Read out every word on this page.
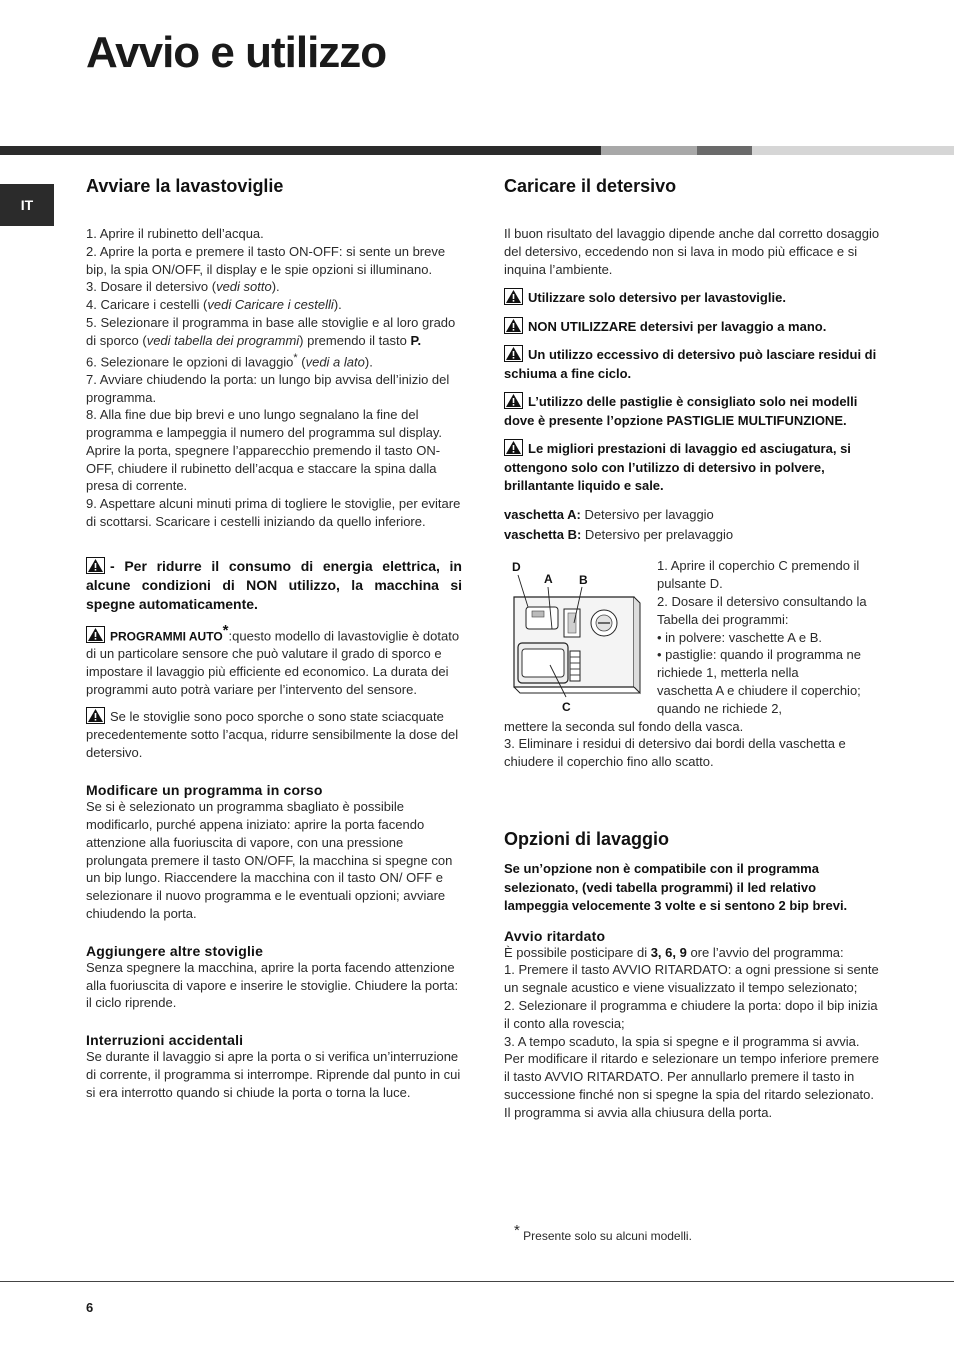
Avvio e utilizzo
IT
Avviare la lavastoviglie

1. Aprire il rubinetto dell’acqua.

2. Aprire la porta e premere il tasto ON-OFF: si sente un breve bip, la spia ON/OFF, il display e le spie opzioni si illuminano.

3. Dosare il detersivo (vedi sotto).

4. Caricare i cestelli (vedi Caricare i cestelli).

5. Selezionare il programma in base alle stoviglie e al loro grado di sporco (vedi tabella dei programmi) premendo il tasto P.

6. Selezionare le opzioni di lavaggio* (vedi a lato).

7. Avviare chiudendo la porta: un lungo bip avvisa dell’inizio del programma.

8. Alla fine due bip brevi e uno lungo segnalano la fine del programma e lampeggia il numero del programma sul display. Aprire la porta, spegnere l’apparecchio premendo il tasto ON-OFF, chiudere il rubinetto dell’acqua e staccare la spina dalla presa di corrente.

9. Aspettare alcuni minuti prima di togliere le stoviglie, per evitare di scottarsi. Scaricare i cestelli iniziando da quello inferiore.

- Per ridurre il consumo di energia elettrica, in alcune condizioni di NON utilizzo, la macchina si spegne automaticamente.

PROGRAMMI AUTO*:questo modello di lavastoviglie è dotato di un particolare sensore che può valutare il grado di sporco e impostare il lavaggio più efficiente ed economico. La durata dei programmi auto potrà variare per l’intervento del sensore.

Se le stoviglie sono poco sporche o sono state sciacquate precedentemente sotto l’acqua, ridurre sensibilmente la dose del detersivo.

Modificare un programma in corso

Se si è selezionato un programma sbagliato è possibile modificarlo, purché appena iniziato: aprire la porta facendo attenzione alla fuoriuscita di vapore, con una pressione prolungata premere il tasto ON/OFF, la macchina si spegne con un bip lungo. Riaccendere la macchina con il tasto ON/ OFF e selezionare il nuovo programma e le eventuali opzioni; avviare chiudendo la porta.

Aggiungere altre stoviglie

Senza spegnere la macchina, aprire la porta facendo attenzione alla fuoriuscita di vapore e inserire le stoviglie. Chiudere la porta: il ciclo riprende.

Interruzioni accidentali

Se durante il lavaggio si apre la porta o si verifica un’interruzione di corrente, il programma si interrompe. Riprende dal punto in cui si era interrotto quando si chiude la porta o torna la luce.

Caricare il detersivo

Il buon risultato del lavaggio dipende anche dal corretto dosaggio del detersivo, eccedendo non si lava in modo più efficace e si inquina l’ambiente.

Utilizzare solo detersivo per lavastoviglie.

NON UTILIZZARE detersivi per lavaggio a mano.

Un utilizzo eccessivo di detersivo può lasciare residui di schiuma a fine ciclo.

L’utilizzo delle pastiglie è consigliato solo nei modelli dove è presente l’opzione PASTIGLIE MULTIFUNZIONE.

Le migliori prestazioni di lavaggio ed asciugatura, si ottengono solo con l’utilizzo di detersivo in polvere, brillantante liquido e sale.

vaschetta A: Detersivo per lavaggio

vaschetta B: Detersivo per prelavaggio

D
A B
C

1. Aprire il coperchio C premendo il pulsante D.

2. Dosare il detersivo consultando la Tabella dei programmi:

• in polvere: vaschette A e B.

• pastiglie: quando il programma ne richiede 1, metterla nella

vaschetta A e chiudere il coperchio; quando ne richiede 2,

mettere la seconda sul fondo della vasca.

3. Eliminare i residui di detersivo dai bordi della vaschetta e chiudere il coperchio fino allo scatto.

Opzioni di lavaggio

Se un’opzione non è compatibile con il programma selezionato, (vedi tabella programmi) il led relativo lampeggia velocemente 3 volte e si sentono 2 bip brevi.

Avvio ritardato

È possibile posticipare di 3, 6, 9 ore l’avvio del programma:

1. Premere il tasto AVVIO RITARDATO: a ogni pressione si sente un segnale acustico e viene visualizzato il tempo selezionato;

2. Selezionare il programma e chiudere la porta: dopo il bip inizia il conto alla rovescia;

3. A tempo scaduto, la spia si spegne e il programma si avvia. Per modificare il ritardo e selezionare un tempo inferiore premere il tasto AVVIO RITARDATO. Per annullarlo premere il tasto in successione finché non si spegne la spia del ritardo selezionato. Il programma si avvia alla chiusura della porta.

* Presente solo su alcuni modelli.
6
